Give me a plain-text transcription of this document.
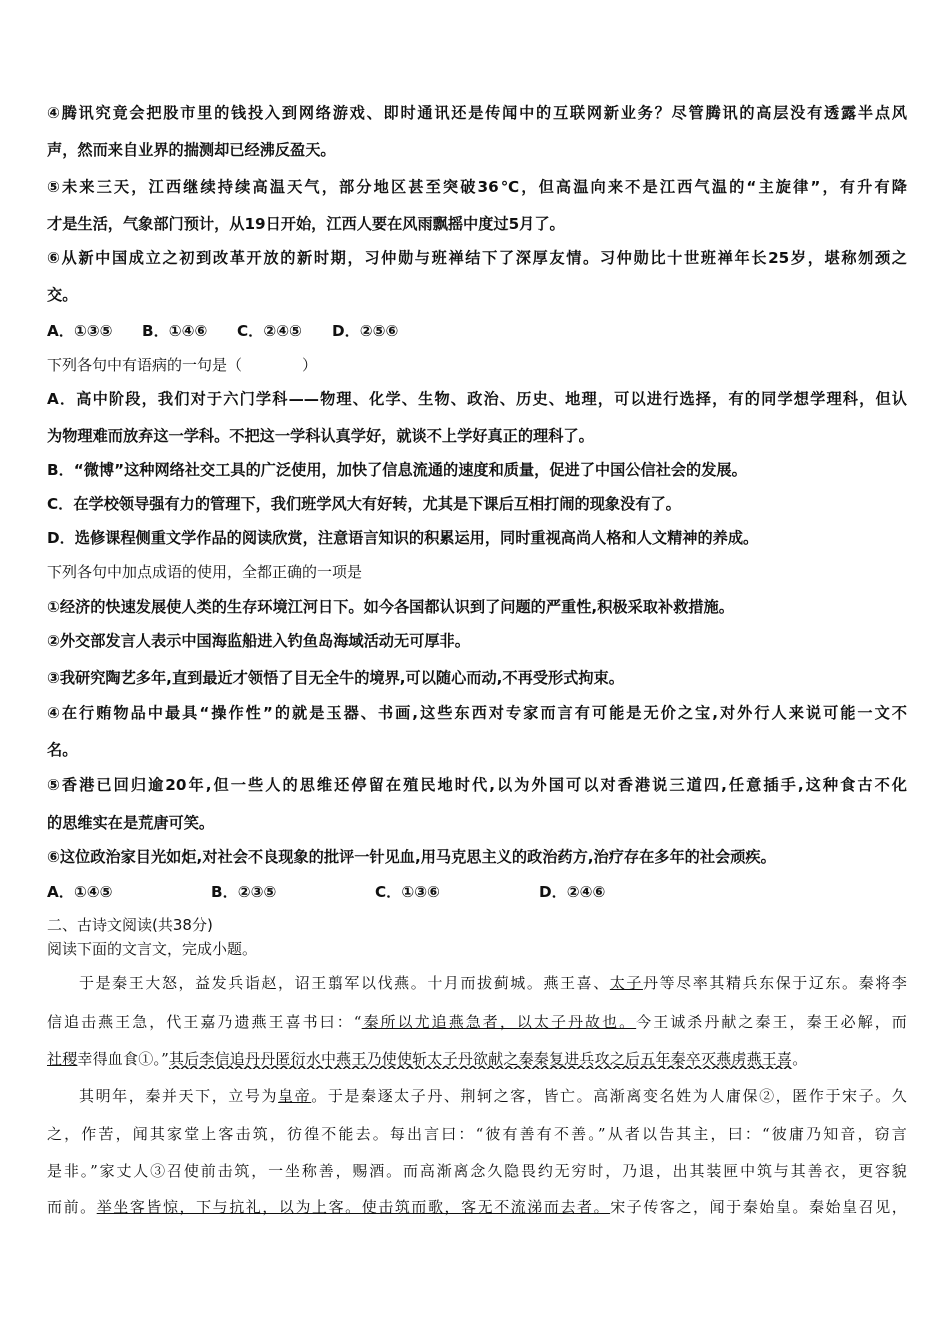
④腾讯究竟会把股市里的钱投入到网络游戏、即时通讯还是传闻中的互联网新业务？尽管腾讯的高层没有透露半点风
声，然而来自业界的揣测却已经沸反盈天。
⑤未来三天，江西继续持续高温天气，部分地区甚至突破36℃，但高温向来不是江西气温的“主旋律”，有升有降
才是生活，气象部门预计，从19日开始，江西人要在风雨飘摇中度过5月了。
⑥从新中国成立之初到改革开放的新时期，习仲勋与班禅结下了深厚友情。习仲勋比十世班禅年长25岁，堪称刎颈之
交。
A．①③⑤ B．①④⑥ C．②④⑤ D．②⑤⑥
下列各句中有语病的一句是（　　　　）
A．高中阶段，我们对于六门学科——物理、化学、生物、政治、历史、地理，可以进行选择，有的同学想学理科，但认
为物理难而放弃这一学科。不把这一学科认真学好，就谈不上学好真正的理科了。
B．“微博”这种网络社交工具的广泛使用，加快了信息流通的速度和质量，促进了中国公信社会的发展。
C．在学校领导强有力的管理下，我们班学风大有好转，尤其是下课后互相打闹的现象没有了。
D．选修课程侧重文学作品的阅读欣赏，注意语言知识的积累运用，同时重视高尚人格和人文精神的养成。
下列各句中加点成语的使用，全都正确的一项是
①经济的快速发展使人类的生存环境江河日下。如今各国都认识到了问题的严重性,积极采取补救措施。
②外交部发言人表示中国海监船进入钓鱼岛海域活动无可厚非。
③我研究陶艺多年,直到最近才领悟了目无全牛的境界,可以随心而动,不再受形式拘束。
④在行贿物品中最具“操作性”的就是玉器、书画,这些东西对专家而言有可能是无价之宝,对外行人来说可能一文不
名。
⑤香港已回归逾20年,但一些人的思维还停留在殖民地时代,以为外国可以对香港说三道四,任意插手,这种食古不化
的思维实在是荒唐可笑。
⑥这位政治家目光如炬,对社会不良现象的批评一针见血,用马克思主义的政治药方,治疗存在多年的社会顽疾。
A．①④⑤	B．②③⑤	C．①③⑥	D．②④⑥
二、古诗文阅读(共38分)
阅读下面的文言文，完成小题。
于是秦王大怒，益发兵诣赵，诏王翦军以伐燕。十月而拔蓟城。燕王喜、太子丹等尽率其精兵东保于辽东。秦将李
信追击燕王急，代王嘉乃遗燕王喜书曰：“秦所以尤追燕急者，以太子丹故也。今王诚杀丹献之秦王，秦王必解，而
社稷幸得血食①。”其后李信追丹丹匿衍水中燕王乃使使斩太子丹欲献之秦秦复进兵攻之后五年秦卒灭燕虏燕王喜。
其明年，秦并天下，立号为皇帝。于是秦逐太子丹、荆轲之客，皆亡。高渐离变名姓为人庸保②，匿作于宋子。久
之，作苦，闻其家堂上客击筑，彷徨不能去。每出言曰：“彼有善有不善。”从者以告其主，曰：“彼庸乃知音，窃言
是非。”家丈人③召使前击筑，一坐称善，赐酒。而高渐离念久隐畏约无穷时，乃退，出其装匣中筑与其善衣，更容貌
而前。举坐客皆惊，下与抗礼，以为上客。使击筑而歌，客无不流涕而去者。宋子传客之，闻于秦始皇。秦始皇召见，
